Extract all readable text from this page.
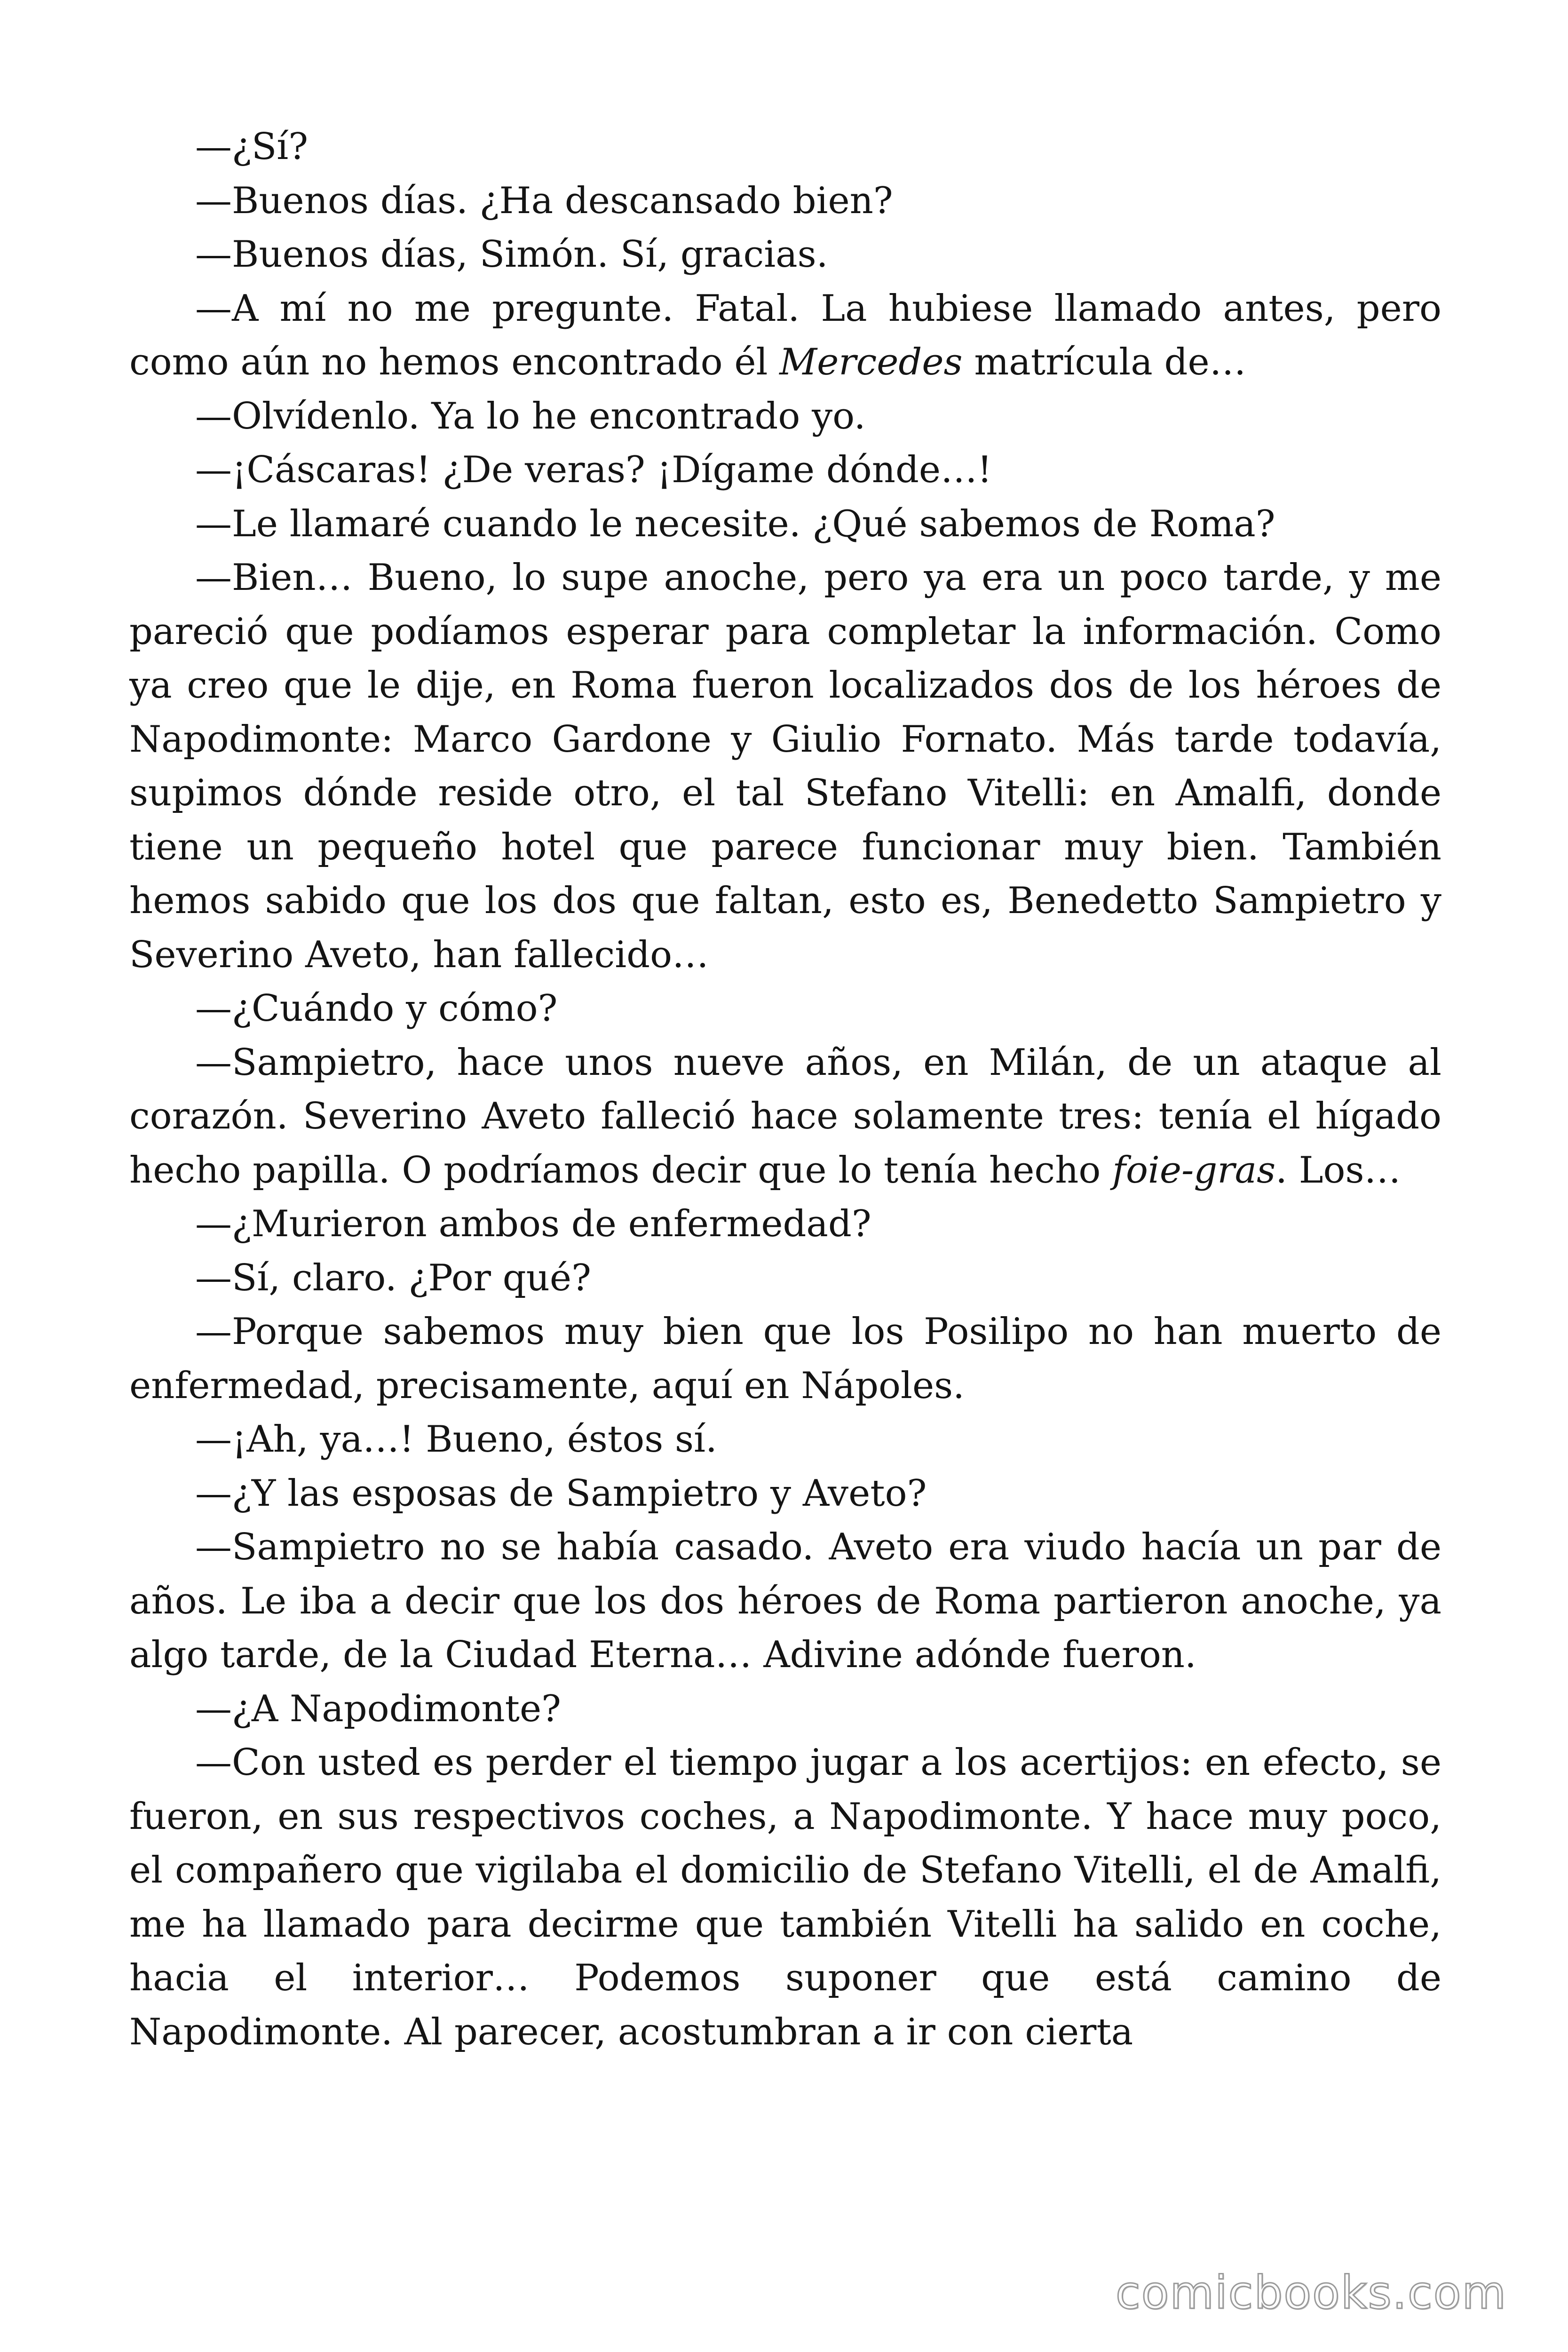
—¿Sí?

—Buenos días. ¿Ha descansado bien?

—Buenos días, Simón. Sí, gracias.

—A mí no me pregunte. Fatal. La hubiese llamado antes, pero como aún no hemos encontrado él Mercedes matrícula de…

—Olvídenlo. Ya lo he encontrado yo.

—¡Cáscaras! ¿De veras? ¡Dígame dónde…!

—Le llamaré cuando le necesite. ¿Qué sabemos de Roma?

—Bien… Bueno, lo supe anoche, pero ya era un poco tarde, y me pareció que podíamos esperar para completar la información. Como ya creo que le dije, en Roma fueron localizados dos de los héroes de Napodimonte: Marco Gardone y Giulio Fornato. Más tarde todavía, supimos dónde reside otro, el tal Stefano Vitelli: en Amalfi, donde tiene un pequeño hotel que parece funcionar muy bien. También hemos sabido que los dos que faltan, esto es, Benedetto Sampietro y Severino Aveto, han fallecido…

—¿Cuándo y cómo?

—Sampietro, hace unos nueve años, en Milán, de un ataque al corazón. Severino Aveto falleció hace solamente tres: tenía el hígado hecho papilla. O podríamos decir que lo tenía hecho foie-gras. Los…

—¿Murieron ambos de enfermedad?

—Sí, claro. ¿Por qué?

—Porque sabemos muy bien que los Posilipo no han muerto de enfermedad, precisamente, aquí en Nápoles.

—¡Ah, ya…! Bueno, éstos sí.

—¿Y las esposas de Sampietro y Aveto?

—Sampietro no se había casado. Aveto era viudo hacía un par de años. Le iba a decir que los dos héroes de Roma partieron anoche, ya algo tarde, de la Ciudad Eterna… Adivine adónde fueron.

—¿A Napodimonte?

—Con usted es perder el tiempo jugar a los acertijos: en efecto, se fueron, en sus respectivos coches, a Napodimonte. Y hace muy poco, el compañero que vigilaba el domicilio de Stefano Vitelli, el de Amalfi, me ha llamado para decirme que también Vitelli ha salido en coche, hacia el interior… Podemos suponer que está camino de Napodimonte. Al parecer, acostumbran a ir con cierta

comicbooks.com
